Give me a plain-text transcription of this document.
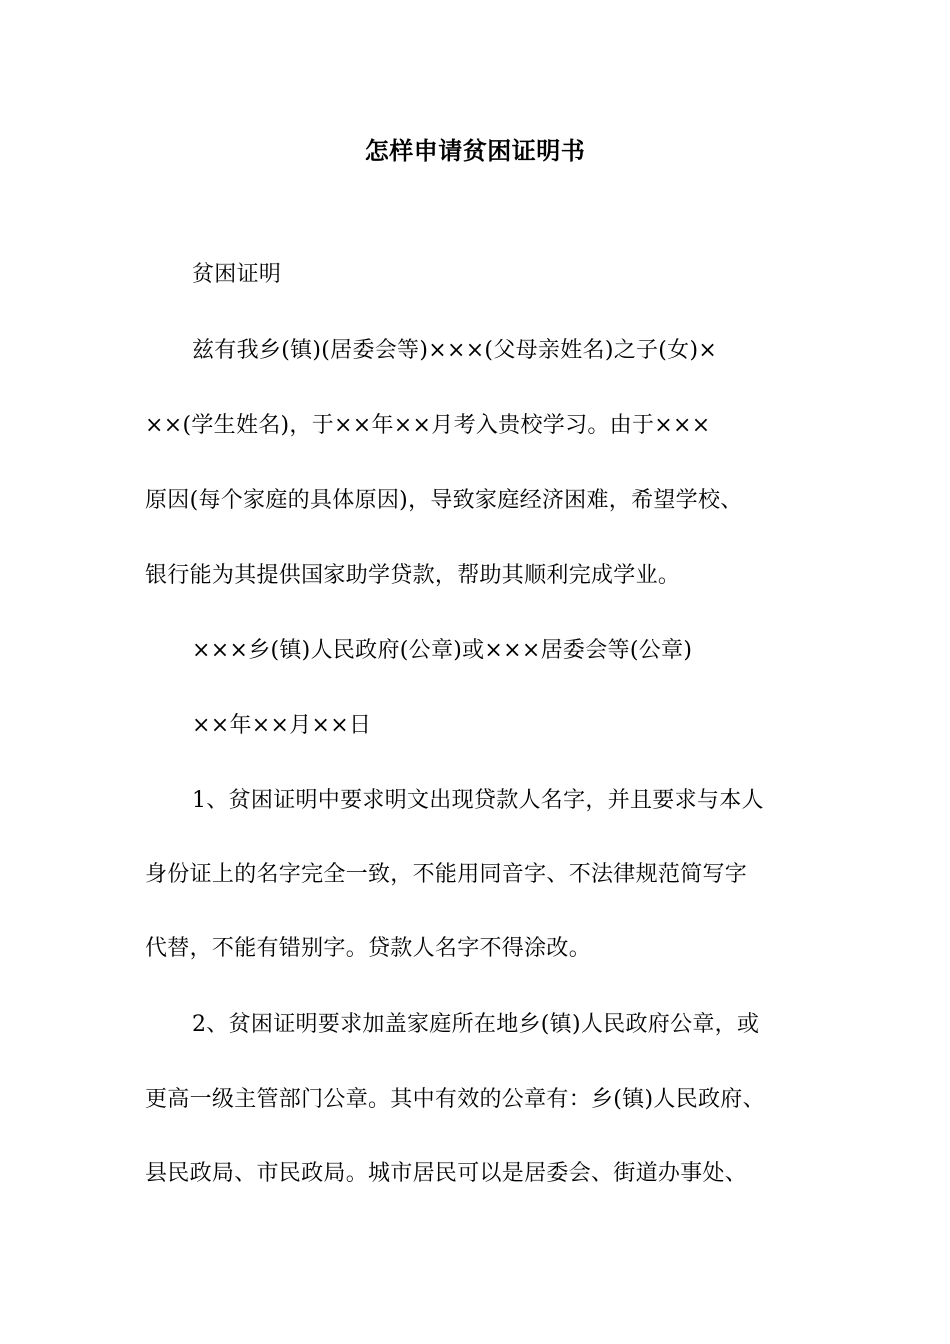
怎样申请贫困证明书
贫困证明
兹有我乡(镇)(居委会等)×××(父母亲姓名)之子(女)×
××(学生姓名)，于××年××月考入贵校学习。由于×××
原因(每个家庭的具体原因)，导致家庭经济困难，希望学校、
银行能为其提供国家助学贷款，帮助其顺利完成学业。
×××乡(镇)人民政府(公章)或×××居委会等(公章)
××年××月××日
1、贫困证明中要求明文出现贷款人名字，并且要求与本人
身份证上的名字完全一致，不能用同音字、不法律规范简写字
代替，不能有错别字。贷款人名字不得涂改。
2、贫困证明要求加盖家庭所在地乡(镇)人民政府公章，或
更高一级主管部门公章。其中有效的公章有：乡(镇)人民政府、
县民政局、市民政局。城市居民可以是居委会、街道办事处、
